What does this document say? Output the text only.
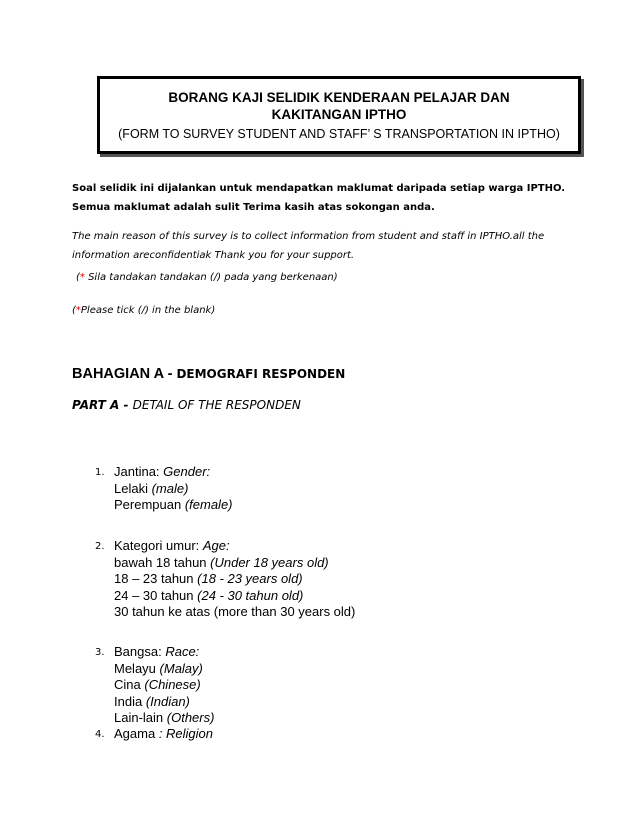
BORANG KAJI SELIDIK KENDERAAN PELAJAR DAN
KAKITANGAN IPTHO
(FORM TO SURVEY STUDENT AND STAFF’ S TRANSPORTATION IN IPTHO)
Soal selidik ini dijalankan untuk mendapatkan maklumat daripada setiap warga IPTHO.
Semua maklumat adalah sulit Terima kasih atas sokongan anda.
The main reason of this survey is to collect information from student and staff in IPTHO.all the
information areconfidentiak Thank you for your support.
(* Sila tandakan tandakan (/) pada yang berkenaan)
(*Please tick (/) in the blank)
BAHAGIAN A - DEMOGRAFI RESPONDEN
PART A - DETAIL OF THE RESPONDEN
1. Jantina: Gender:
Lelaki (male)
Perempuan (female)
2. Kategori umur: Age:
bawah 18 tahun (Under 18 years old)
18 – 23 tahun (18 - 23 years old)
24 – 30 tahun (24 - 30 tahun old)
30 tahun ke atas (more than 30 years old)
3. Bangsa: Race:
Melayu (Malay)
Cina (Chinese)
India (Indian)
Lain-lain (Others)
4. Agama : Religion
